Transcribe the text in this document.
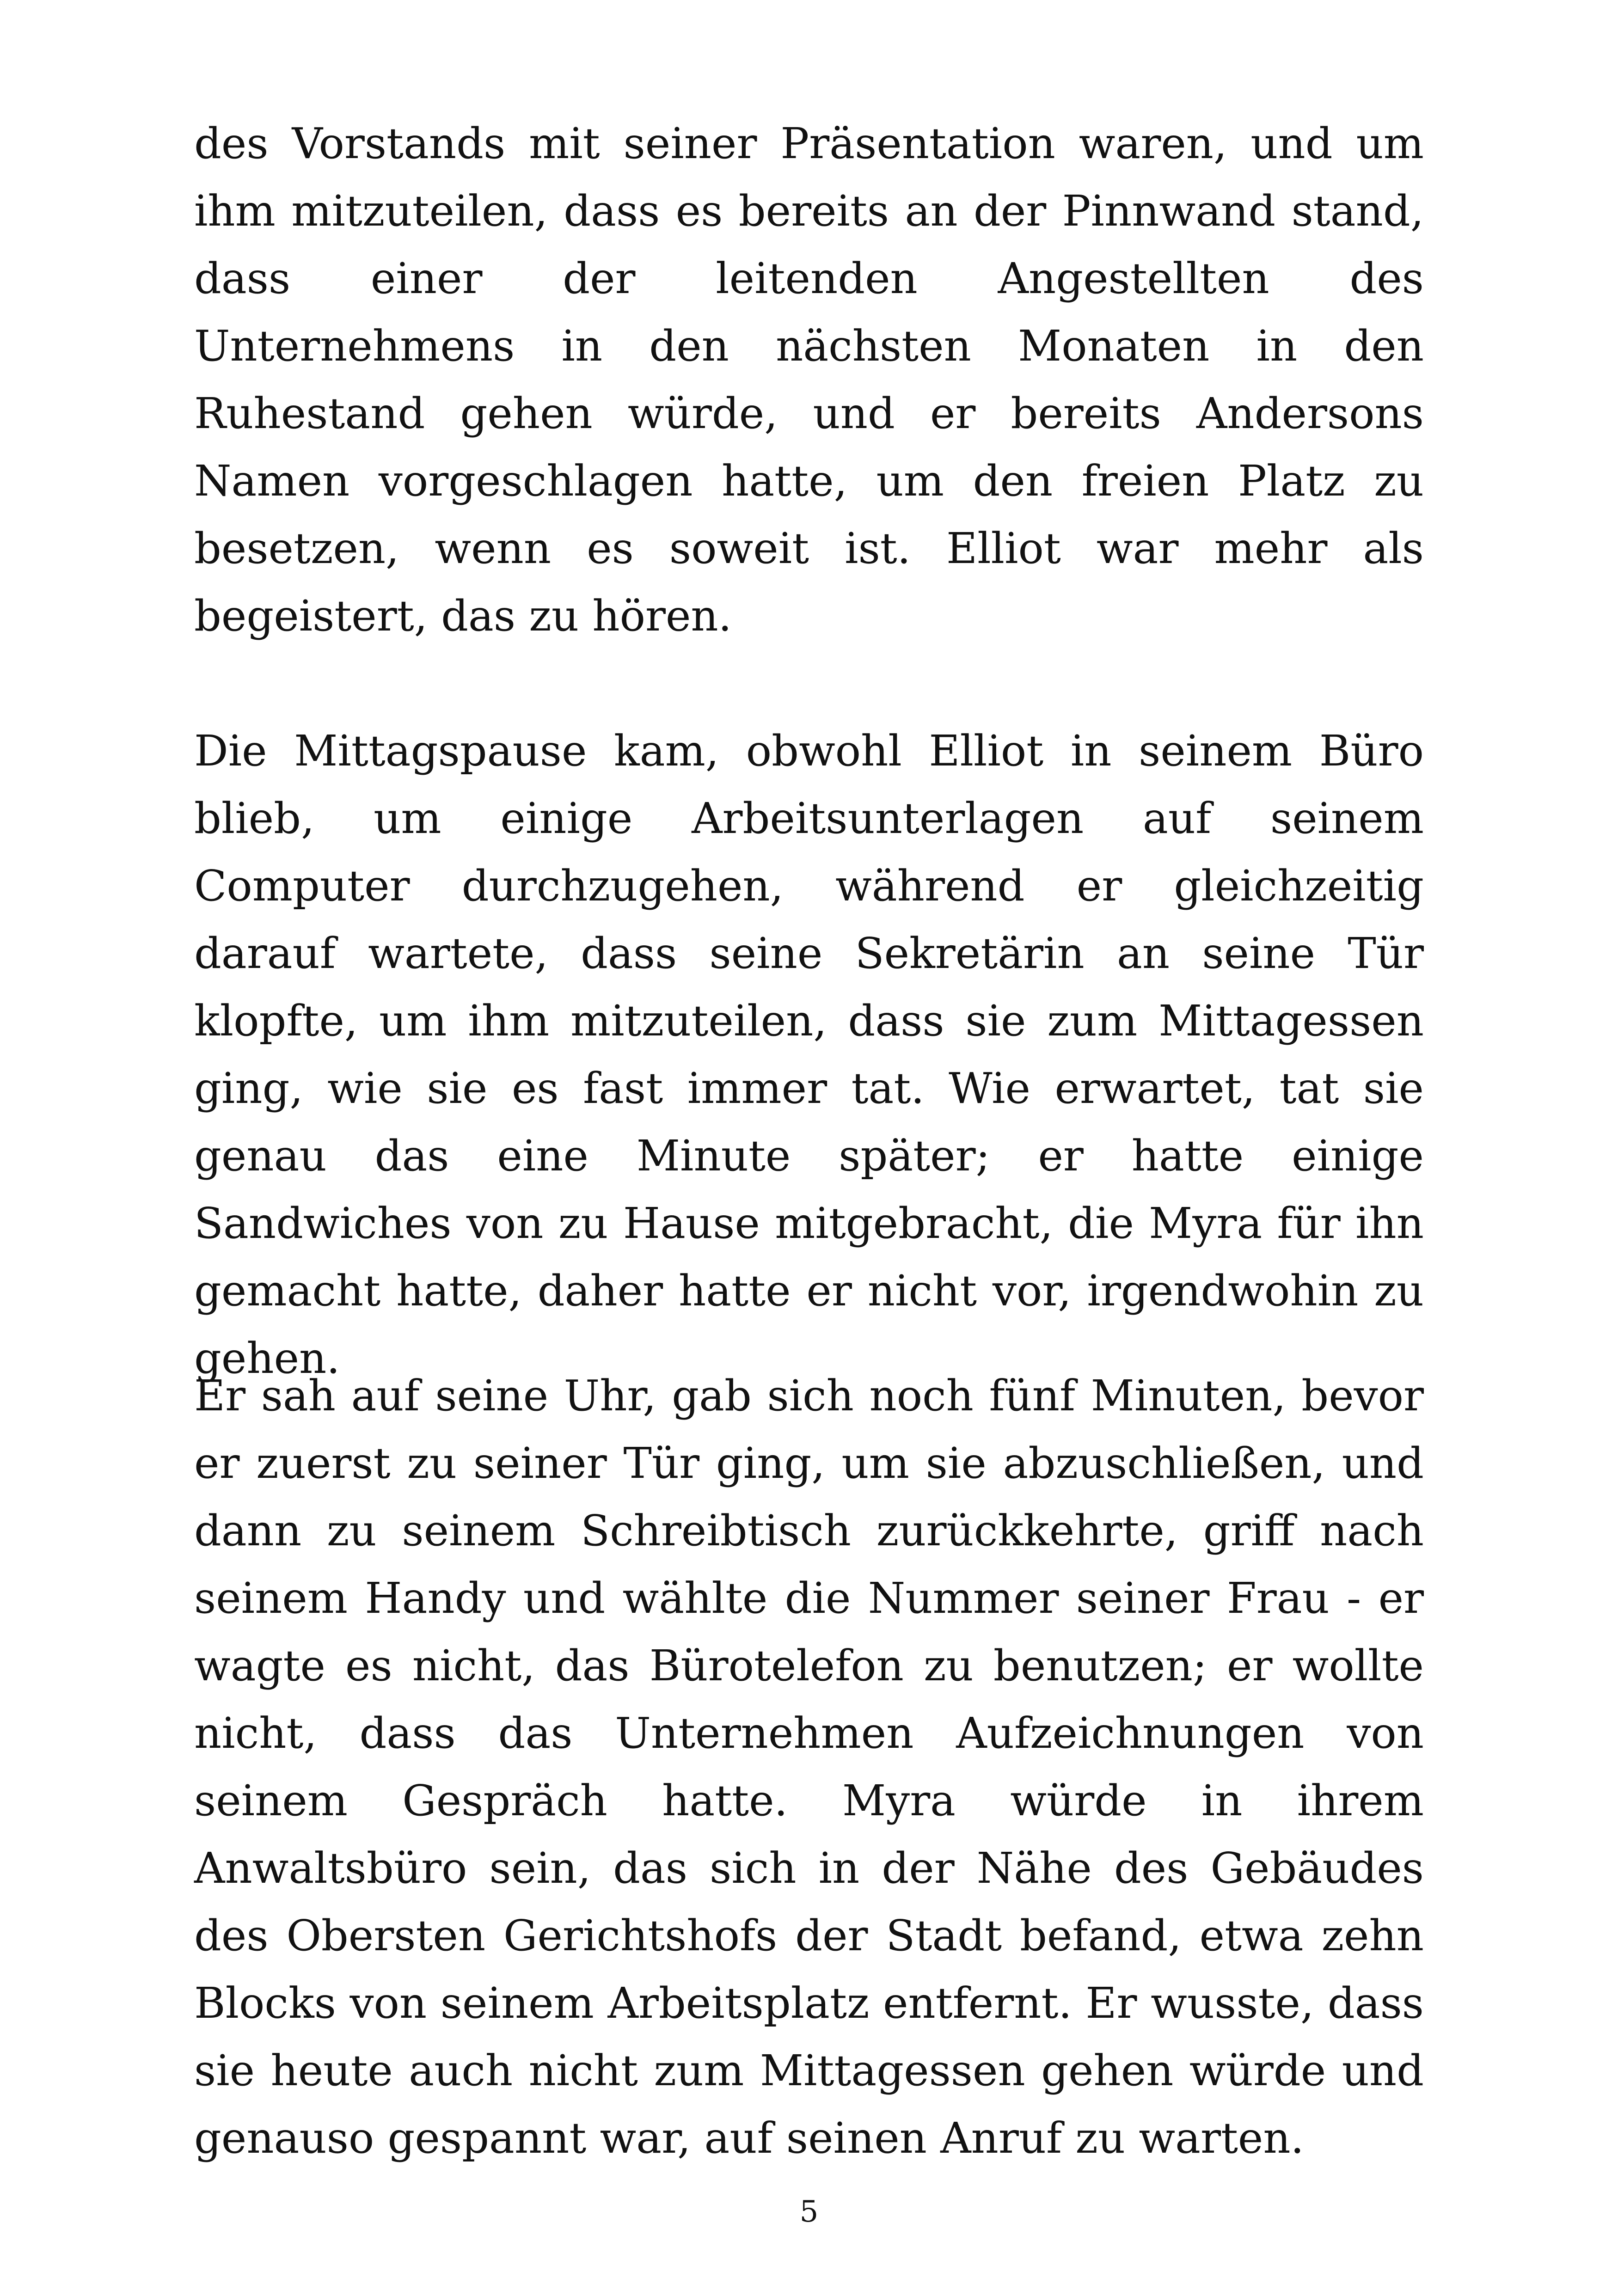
des Vorstands mit seiner Präsentation waren, und um ihm mitzuteilen, dass es bereits an der Pinnwand stand, dass einer der leitenden Angestellten des Unternehmens in den nächsten Monaten in den Ruhestand gehen würde, und er bereits Andersons Namen vorgeschlagen hatte, um den freien Platz zu besetzen, wenn es soweit ist. Elliot war mehr als begeistert, das zu hören.

Die Mittagspause kam, obwohl Elliot in seinem Büro blieb, um einige Arbeitsunterlagen auf seinem Computer durchzugehen, während er gleichzeitig darauf wartete, dass seine Sekretärin an seine Tür klopfte, um ihm mitzuteilen, dass sie zum Mittagessen ging, wie sie es fast immer tat. Wie erwartet, tat sie genau das eine Minute später; er hatte einige Sandwiches von zu Hause mitgebracht, die Myra für ihn gemacht hatte, daher hatte er nicht vor, irgendwohin zu gehen.

Er sah auf seine Uhr, gab sich noch fünf Minuten, bevor er zuerst zu seiner Tür ging, um sie abzuschließen, und dann zu seinem Schreibtisch zurückkehrte, griff nach seinem Handy und wählte die Nummer seiner Frau - er wagte es nicht, das Bürotelefon zu benutzen; er wollte nicht, dass das Unternehmen Aufzeichnungen von seinem Gespräch hatte. Myra würde in ihrem Anwaltsbüro sein, das sich in der Nähe des Gebäudes des Obersten Gerichtshofs der Stadt befand, etwa zehn Blocks von seinem Arbeitsplatz entfernt. Er wusste, dass sie heute auch nicht zum Mittagessen gehen würde und genauso gespannt war, auf seinen Anruf zu warten.

5
